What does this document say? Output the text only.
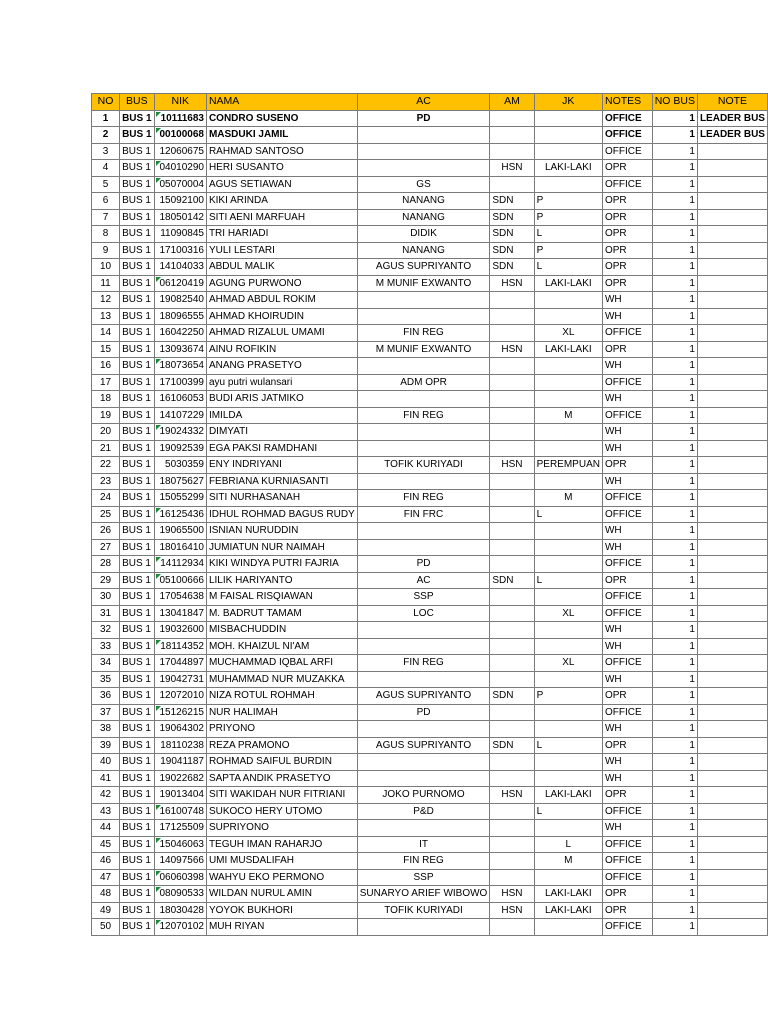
NO	BUS	NIK	NAMA	AC	AM	JK	NOTES	NO BUS	NOTE
1	BUS 1	10111683	CONDRO SUSENO	PD			OFFICE	1	LEADER BUS
2	BUS 1	00100068	MASDUKI JAMIL				OFFICE	1	LEADER BUS
3	BUS 1	12060675	RAHMAD SANTOSO				OFFICE	1	
4	BUS 1	04010290	HERI SUSANTO		HSN	LAKI-LAKI	OPR	1	
5	BUS 1	05070004	AGUS SETIAWAN	GS			OFFICE	1	
6	BUS 1	15092100	KIKI ARINDA	NANANG	SDN	P	OPR	1	
7	BUS 1	18050142	SITI AENI MARFUAH	NANANG	SDN	P	OPR	1	
8	BUS 1	11090845	TRI HARIADI	DIDIK	SDN	L	OPR	1	
9	BUS 1	17100316	YULI LESTARI	NANANG	SDN	P	OPR	1	
10	BUS 1	14104033	ABDUL MALIK	AGUS SUPRIYANTO	SDN	L	OPR	1	
11	BUS 1	06120419	AGUNG PURWONO	M MUNIF EXWANTO	HSN	LAKI-LAKI	OPR	1	
12	BUS 1	19082540	AHMAD ABDUL ROKIM				WH	1	
13	BUS 1	18096555	AHMAD KHOIRUDIN				WH	1	
14	BUS 1	16042250	AHMAD RIZALUL UMAMI	FIN REG		XL	OFFICE	1	
15	BUS 1	13093674	AINU ROFIKIN	M MUNIF EXWANTO	HSN	LAKI-LAKI	OPR	1	
16	BUS 1	18073654	ANANG PRASETYO				WH	1	
17	BUS 1	17100399	ayu putri wulansari	ADM OPR			OFFICE	1	
18	BUS 1	16106053	BUDI ARIS JATMIKO				WH	1	
19	BUS 1	14107229	IMILDA	FIN REG		M	OFFICE	1	
20	BUS 1	19024332	DIMYATI				WH	1	
21	BUS 1	19092539	EGA PAKSI RAMDHANI				WH	1	
22	BUS 1	5030359	ENY INDRIYANI	TOFIK KURIYADI	HSN	PEREMPUAN	OPR	1	
23	BUS 1	18075627	FEBRIANA KURNIASANTI				WH	1	
24	BUS 1	15055299	SITI NURHASANAH	FIN REG		M	OFFICE	1	
25	BUS 1	16125436	IDHUL ROHMAD BAGUS RUDY	FIN FRC		L	OFFICE	1	
26	BUS 1	19065500	ISNIAN NURUDDIN				WH	1	
27	BUS 1	18016410	JUMIATUN NUR NAIMAH				WH	1	
28	BUS 1	14112934	KIKI WINDYA PUTRI FAJRIA	PD			OFFICE	1	
29	BUS 1	05100666	LILIK HARIYANTO	AC	SDN	L	OPR	1	
30	BUS 1	17054638	M FAISAL RISQIAWAN	SSP			OFFICE	1	
31	BUS 1	13041847	M. BADRUT TAMAM	LOC		XL	OFFICE	1	
32	BUS 1	19032600	MISBACHUDDIN				WH	1	
33	BUS 1	18114352	MOH. KHAIZUL NI'AM				WH	1	
34	BUS 1	17044897	MUCHAMMAD IQBAL ARFI	FIN REG		XL	OFFICE	1	
35	BUS 1	19042731	MUHAMMAD NUR MUZAKKA				WH	1	
36	BUS 1	12072010	NIZA ROTUL ROHMAH	AGUS SUPRIYANTO	SDN	P	OPR	1	
37	BUS 1	15126215	NUR HALIMAH	PD			OFFICE	1	
38	BUS 1	19064302	PRIYONO				WH	1	
39	BUS 1	18110238	REZA PRAMONO	AGUS SUPRIYANTO	SDN	L	OPR	1	
40	BUS 1	19041187	ROHMAD SAIFUL BURDIN				WH	1	
41	BUS 1	19022682	SAPTA ANDIK PRASETYO				WH	1	
42	BUS 1	19013404	SITI WAKIDAH NUR FITRIANI	JOKO PURNOMO	HSN	LAKI-LAKI	OPR	1	
43	BUS 1	16100748	SUKOCO HERY UTOMO	P&D		L	OFFICE	1	
44	BUS 1	17125509	SUPRIYONO				WH	1	
45	BUS 1	15046063	TEGUH IMAN RAHARJO	IT		L	OFFICE	1	
46	BUS 1	14097566	UMI MUSDALIFAH	FIN REG		M	OFFICE	1	
47	BUS 1	06060398	WAHYU EKO PERMONO	SSP			OFFICE	1	
48	BUS 1	08090533	WILDAN NURUL AMIN	SUNARYO ARIEF WIBOWO	HSN	LAKI-LAKI	OPR	1	
49	BUS 1	18030428	YOYOK BUKHORI	TOFIK KURIYADI	HSN	LAKI-LAKI	OPR	1	
50	BUS 1	12070102	MUH RIYAN				OFFICE	1	
